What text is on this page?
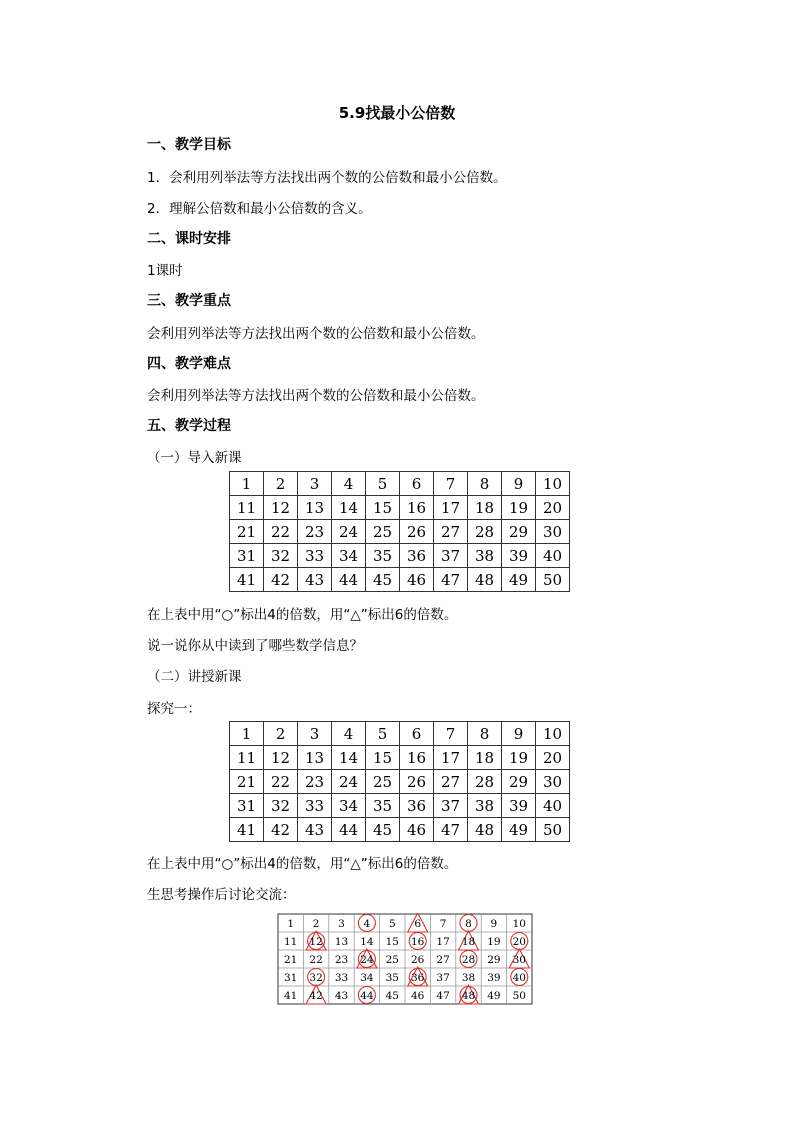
5.9找最小公倍数
一、教学目标
1．会利用列举法等方法找出两个数的公倍数和最小公倍数。
2．理解公倍数和最小公倍数的含义。
二、课时安排
1课时
三、教学重点
会利用列举法等方法找出两个数的公倍数和最小公倍数。
四、教学难点
会利用列举法等方法找出两个数的公倍数和最小公倍数。
五、教学过程
（一）导入新课
1	2	3	4	5	6	7	8	9	10
11	12	13	14	15	16	17	18	19	20
21	22	23	24	25	26	27	28	29	30
31	32	33	34	35	36	37	38	39	40
41	42	43	44	45	46	47	48	49	50
在上表中用“○”标出4的倍数，用“△”标出6的倍数。
说一说你从中读到了哪些数学信息？
（二）讲授新课
探究一：
1	2	3	4	5	6	7	8	9	10
11	12	13	14	15	16	17	18	19	20
21	22	23	24	25	26	27	28	29	30
31	32	33	34	35	36	37	38	39	40
41	42	43	44	45	46	47	48	49	50
在上表中用“○”标出4的倍数，用“△”标出6的倍数。
生思考操作后讨论交流：
1 2 3 4 5 6 7 8 9 10
11 12 13 14 15 16 17 18 19 20
21 22 23 24 25 26 27 28 29 30
31 32 33 34 35 36 37 38 39 40
41 42 43 44 45 46 47 48 49 50
